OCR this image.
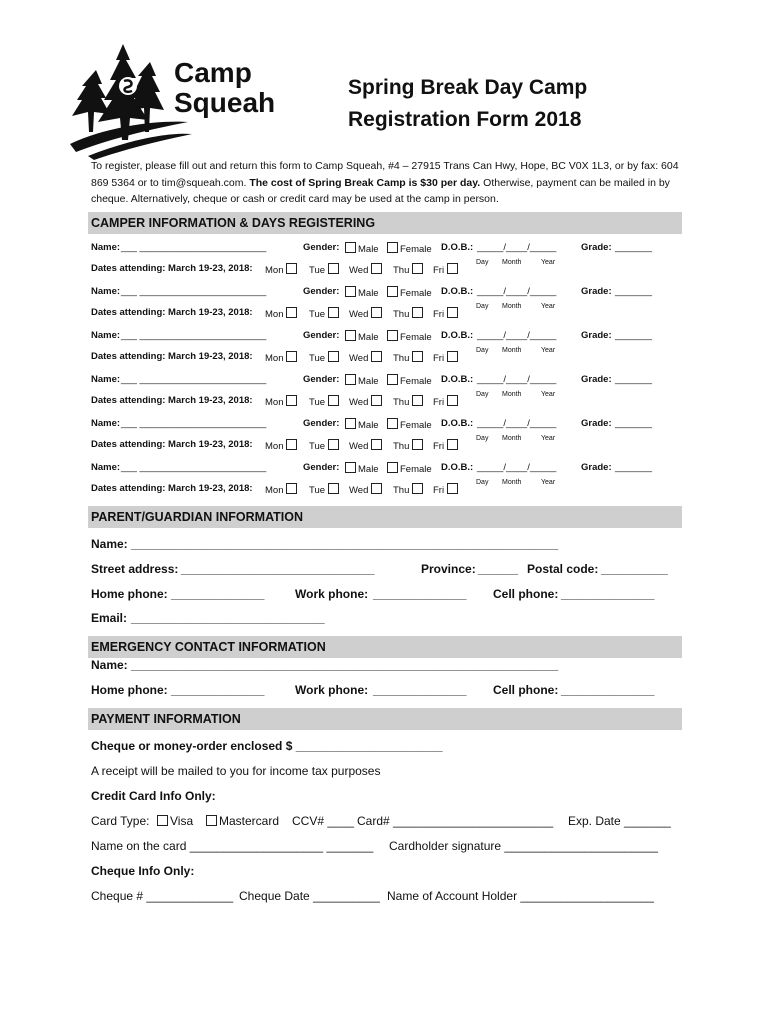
Camp
Squeah	Spring Break Day Camp
Registration Form 2018
To register, please fill out and return this form to Camp Squeah, #4 – 27915 Trans Can Hwy, Hope, BC V0X 1L3, or by fax: 604 869 5364 or to tim@squeah.com. The cost of Spring Break Camp is $30 per day. Otherwise, payment can be mailed in by cheque. Alternatively, cheque or cash or credit card may be used at the camp in person.
CAMPER INFORMATION & DAYS REGISTERING
Name: ___ ________________________	Gender:	Male	Female D.O.B.: _____/____/_____	Grade: _______
Dates attending: March 19-23, 2018: Mon	Tue	Wed	Thu	Fri
Day Month	Year
Name: ___ ________________________	Gender:	Male	Female D.O.B.: _____/____/_____	Grade: _______
Dates attending: March 19-23, 2018: Mon	Tue	Wed	Thu	Fri
Day Month	Year
Name: ___ ________________________	Gender:	Male	Female D.O.B.: _____/____/_____	Grade: _______
Dates attending: March 19-23, 2018: Mon	Tue	Wed	Thu	Fri
Day Month	Year
Name: ___ ________________________	Gender:	Male	Female D.O.B.: _____/____/_____	Grade: _______
Dates attending: March 19-23, 2018: Mon	Tue	Wed	Thu	Fri
Day Month	Year
Name: ___ ________________________	Gender:	Male	Female D.O.B.: _____/____/_____	Grade: _______
Dates attending: March 19-23, 2018: Mon	Tue	Wed	Thu	Fri
Day Month	Year
Name: ___ ________________________	Gender:	Male	Female D.O.B.: _____/____/_____	Grade: _______
Dates attending: March 19-23, 2018: Mon	Tue	Wed	Thu	Fri
Day Month	Year
PARENT/GUARDIAN INFORMATION
Name: ________________________________________________________________
Street address: _____________________________	Province: ______ Postal code: __________
Home phone: ______________	Work phone: ______________ Cell phone: ______________
Email: _____________________________
EMERGENCY CONTACT INFORMATION
Name: ________________________________________________________________
Home phone: ______________	Work phone: ______________ Cell phone: ______________
PAYMENT INFORMATION
Cheque or money-order enclosed $ ______________________
A receipt will be mailed to you for income tax purposes
Credit Card Info Only:
Card Type:	Visa	Mastercard CCV# ____ Card# ________________________ Exp. Date _______
Name on the card ____________________ _______ Cardholder signature _______________________
Cheque Info Only:
Cheque # _____________ Cheque Date __________ Name of Account Holder ____________________
